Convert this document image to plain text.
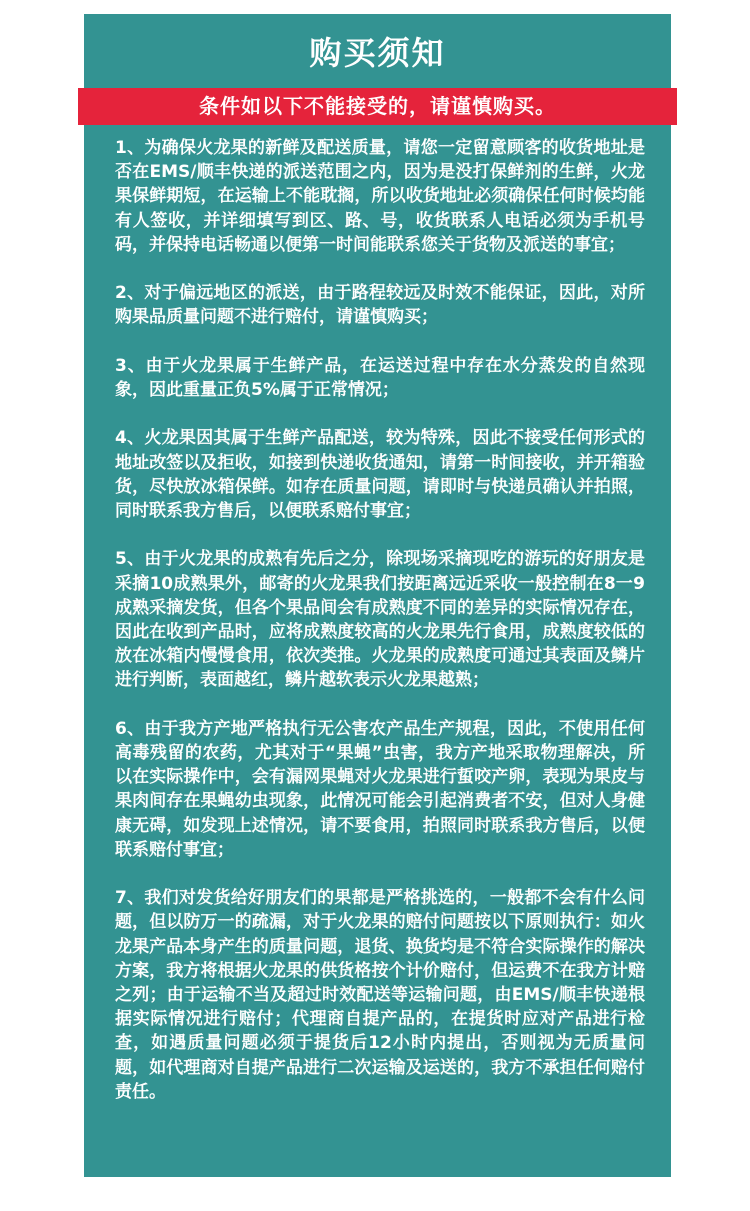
购买须知
条件如以下不能接受的，请谨慎购买。

1、为确保火龙果的新鲜及配送质量，请您一定留意顾客的收货地址是否在EMS/顺丰快递的派送范围之内，因为是没打保鲜剂的生鲜，火龙果保鲜期短，在运输上不能耽搁，所以收货地址必须确保任何时候均能有人签收，并详细填写到区、路、号，收货联系人电话必须为手机号码，并保持电话畅通以便第一时间能联系您关于货物及派送的事宜；

2、对于偏远地区的派送，由于路程较远及时效不能保证，因此，对所购果品质量问题不进行赔付，请谨慎购买；

3、由于火龙果属于生鲜产品，在运送过程中存在水分蒸发的自然现象，因此重量正负5%属于正常情况；

4、火龙果因其属于生鲜产品配送，较为特殊，因此不接受任何形式的地址改签以及拒收，如接到快递收货通知，请第一时间接收，并开箱验货，尽快放冰箱保鲜。如存在质量问题，请即时与快递员确认并拍照，同时联系我方售后，以便联系赔付事宜；

5、由于火龙果的成熟有先后之分，除现场采摘现吃的游玩的好朋友是采摘10成熟果外，邮寄的火龙果我们按距离远近采收一般控制在8一9成熟采摘发货，但各个果品间会有成熟度不同的差异的实际情况存在，因此在收到产品时，应将成熟度较高的火龙果先行食用，成熟度较低的放在冰箱内慢慢食用，依次类推。火龙果的成熟度可通过其表面及鳞片进行判断，表面越红，鳞片越软表示火龙果越熟；

6、由于我方产地严格执行无公害农产品生产规程，因此，不使用任何高毒残留的农药，尤其对于“果蝇”虫害，我方产地采取物理解决，所以在实际操作中，会有漏网果蝇对火龙果进行蜇咬产卵，表现为果皮与果肉间存在果蝇幼虫现象，此情况可能会引起消费者不安，但对人身健康无碍，如发现上述情况，请不要食用，拍照同时联系我方售后，以便联系赔付事宜；

7、我们对发货给好朋友们的果都是严格挑选的，一般都不会有什么问题，但以防万一的疏漏，对于火龙果的赔付问题按以下原则执行：如火龙果产品本身产生的质量问题，退货、换货均是不符合实际操作的解决方案，我方将根据火龙果的供货格按个计价赔付，但运费不在我方计赔之列；由于运输不当及超过时效配送等运输问题，由EMS/顺丰快递根据实际情况进行赔付；代理商自提产品的，在提货时应对产品进行检查，如遇质量问题必须于提货后12小时内提出，否则视为无质量问题，如代理商对自提产品进行二次运输及运送的，我方不承担任何赔付责任。
